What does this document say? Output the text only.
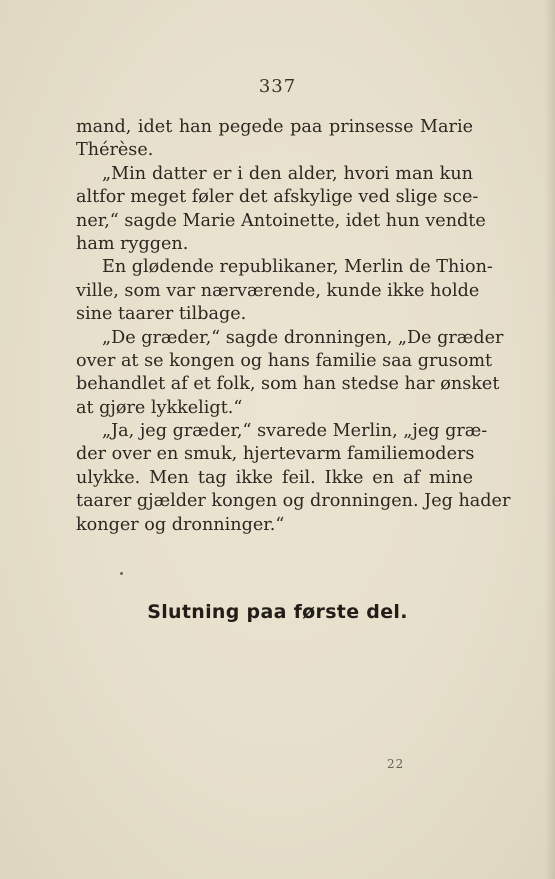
337
mand, idet han pegede paa prinsesse Marie
Thérèse.
„Min datter er i den alder, hvori man kun
altfor meget føler det afskylige ved slige sce-
ner,“ sagde Marie Antoinette, idet hun vendte
ham ryggen.
En glødende republikaner, Merlin de Thion-
ville, som var nærværende, kunde ikke holde
sine taarer tilbage.
„De græder,“ sagde dronningen, „De græder
over at se kongen og hans familie saa grusomt
behandlet af et folk, som han stedse har ønsket
at gjøre lykkeligt.“
„Ja, jeg græder,“ svarede Merlin, „jeg græ-
der over en smuk, hjertevarm familiemoders
ulykke. Men tag ikke feil. Ikke en af mine
taarer gjælder kongen og dronningen. Jeg hader
konger og dronninger.“
Slutning paa første del.
22
